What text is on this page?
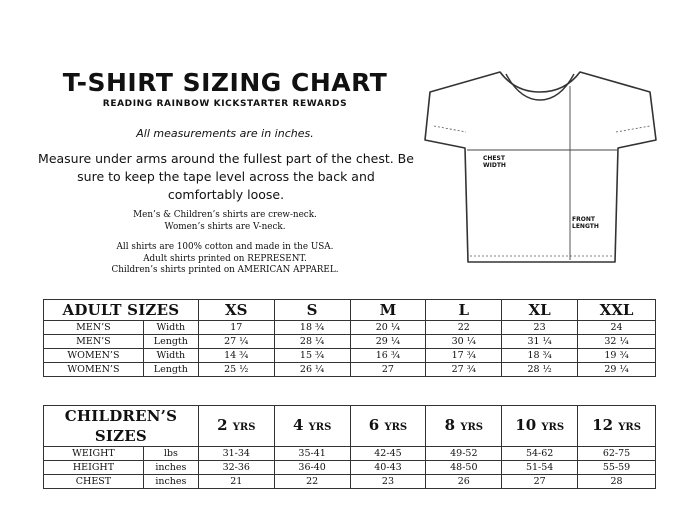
T-SHIRT SIZING CHART
READING RAINBOW KICKSTARTER REWARDS
All measurements are in inches.
Measure under arms around the fullest part of the chest. Be sure to keep the tape level across the back and comfortably loose.
Men’s & Children’s shirts are crew-neck.
Women’s shirts are V-neck.
All shirts are 100% cotton and made in the USA.
Adult shirts printed on REPRESENT.
Children’s shirts printed on AMERICAN APPAREL.
CHEST
WIDTH
FRONT
LENGTH
ADULT SIZES		XS	S	M	L	XL	XXL
MEN’S	Width	17	18 ¾	20 ¼	22	23	24
MEN’S	Length	27 ¼	28 ¼	29 ¼	30 ¼	31 ¼	32 ¼
WOMEN’S	Width	14 ¾	15 ¾	16 ¾	17 ¾	18 ¾	19 ¾
WOMEN’S	Length	25 ½	26 ¼	27	27 ¾	28 ½	29 ¼
CHILDREN’S SIZES		2 YRS	4 YRS	6 YRS	8 YRS	10 YRS	12 YRS
WEIGHT	lbs	31-34	35-41	42-45	49-52	54-62	62-75
HEIGHT	inches	32-36	36-40	40-43	48-50	51-54	55-59
CHEST	inches	21	22	23	26	27	28
